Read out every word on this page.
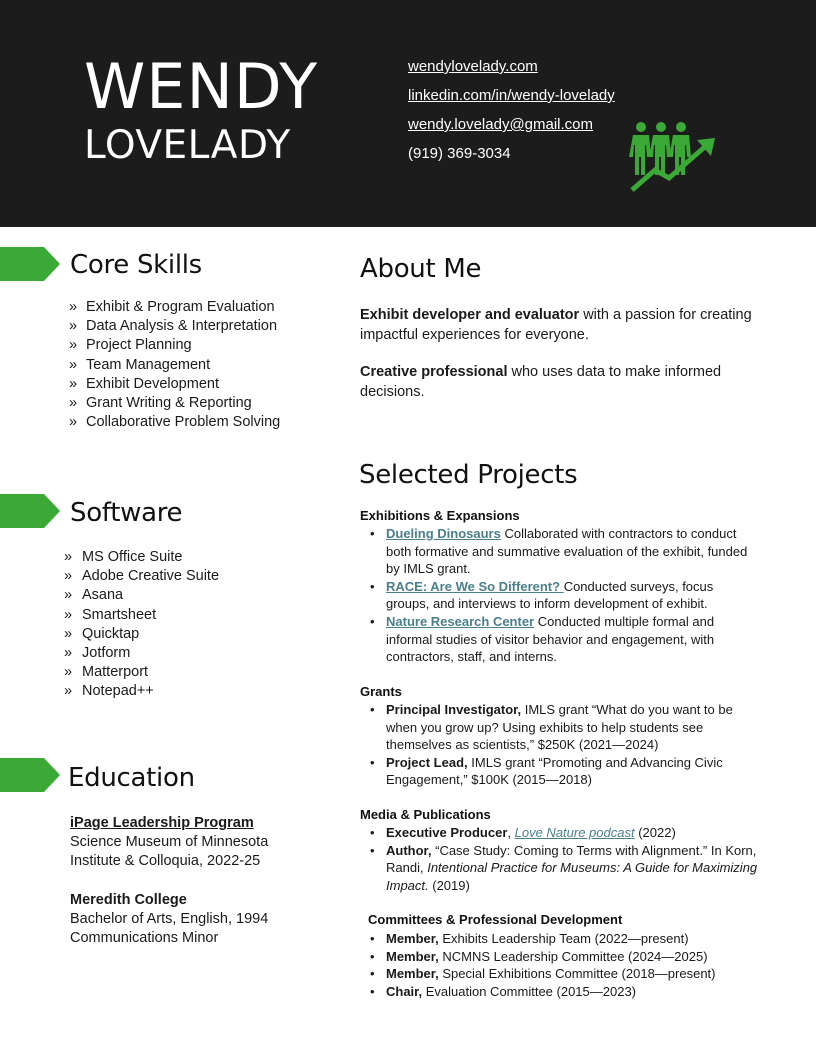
WENDY
LOVELADY
wendylovelady.com
linkedin.com/in/wendy-lovelady
wendy.lovelady@gmail.com
(919) 369-3034
Core Skills
» Exhibit & Program Evaluation
» Data Analysis & Interpretation
» Project Planning
» Team Management
» Exhibit Development
» Grant Writing & Reporting
» Collaborative Problem Solving
Software
» MS Office Suite
» Adobe Creative Suite
» Asana
» Smartsheet
» Quicktap
» Jotform
» Matterport
» Notepad++
Education
iPage Leadership Program
Science Museum of Minnesota
Institute & Colloquia, 2022-25
Meredith College
Bachelor of Arts, English, 1994
Communications Minor
About Me
Exhibit developer and evaluator with a passion for creating impactful experiences for everyone.
Creative professional who uses data to make informed decisions.
Selected Projects
Exhibitions & Expansions
• Dueling Dinosaurs Collaborated with contractors to conduct both formative and summative evaluation of the exhibit, funded by IMLS grant.
• RACE: Are We So Different? Conducted surveys, focus groups, and interviews to inform development of exhibit.
• Nature Research Center Conducted multiple formal and informal studies of visitor behavior and engagement, with contractors, staff, and interns.
Grants
• Principal Investigator, IMLS grant “What do you want to be when you grow up? Using exhibits to help students see themselves as scientists,” $250K (2021—2024)
• Project Lead, IMLS grant “Promoting and Advancing Civic Engagement,” $100K (2015—2018)
Media & Publications
• Executive Producer, Love Nature podcast (2022)
• Author, “Case Study: Coming to Terms with Alignment.” In Korn, Randi, Intentional Practice for Museums: A Guide for Maximizing Impact. (2019)
Committees & Professional Development
• Member, Exhibits Leadership Team (2022—present)
• Member, NCMNS Leadership Committee (2024—2025)
• Member, Special Exhibitions Committee (2018—present)
• Chair, Evaluation Committee (2015—2023)
